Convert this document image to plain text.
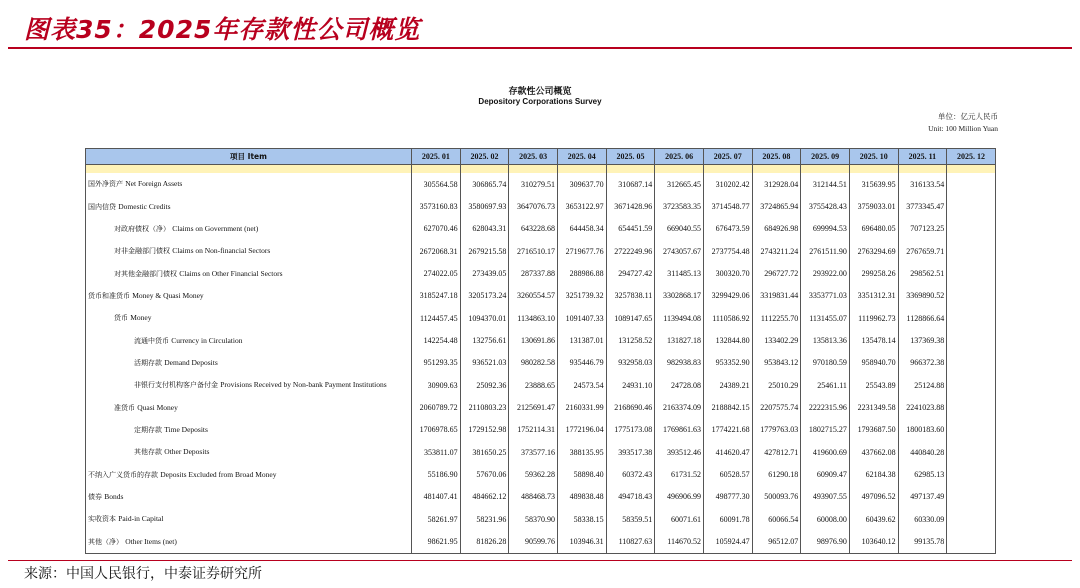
图表35：2025年存款性公司概览
存款性公司概览
Depository Corporations Survey
单位：亿元人民币
Unit: 100 Million Yuan
项目 Item	2025. 01	2025. 02	2025. 03	2025. 04	2025. 05	2025. 06	2025. 07	2025. 08	2025. 09	2025. 10	2025. 11	2025. 12

国外净资产 Net Foreign Assets	305564.58	306865.74	310279.51	309637.70	310687.14	312665.45	310202.42	312928.04	312144.51	315639.95	316133.54	
国内信贷 Domestic Credits	3573160.83	3580697.93	3647076.73	3653122.97	3671428.96	3723583.35	3714548.77	3724865.94	3755428.43	3759033.01	3773345.47	
对政府债权（净） Claims on Government (net)	627070.46	628043.31	643228.68	644458.34	654451.59	669040.55	676473.59	684926.98	699994.53	696480.05	707123.25	
对非金融部门债权 Claims on Non-financial Sectors	2672068.31	2679215.58	2716510.17	2719677.76	2722249.96	2743057.67	2737754.48	2743211.24	2761511.90	2763294.69	2767659.71	
对其他金融部门债权 Claims on Other Financial Sectors	274022.05	273439.05	287337.88	288986.88	294727.42	311485.13	300320.70	296727.72	293922.00	299258.26	298562.51	
货币和准货币 Money & Quasi Money	3185247.18	3205173.24	3260554.57	3251739.32	3257838.11	3302868.17	3299429.06	3319831.44	3353771.03	3351312.31	3369890.52	
货币 Money	1124457.45	1094370.01	1134863.10	1091407.33	1089147.65	1139494.08	1110586.92	1112255.70	1131455.07	1119962.73	1128866.64	
流通中货币 Currency in Circulation	142254.48	132756.61	130691.86	131387.01	131258.52	131827.18	132844.80	133402.29	135813.36	135478.14	137369.38	
活期存款 Demand Deposits	951293.35	936521.03	980282.58	935446.79	932958.03	982938.83	953352.90	953843.12	970180.59	958940.70	966372.38	
非银行支付机构客户备付金 Provisions Received by Non-bank Payment Institutions	30909.63	25092.36	23888.65	24573.54	24931.10	24728.08	24389.21	25010.29	25461.11	25543.89	25124.88	
准货币 Quasi Money	2060789.72	2110803.23	2125691.47	2160331.99	2168690.46	2163374.09	2188842.15	2207575.74	2222315.96	2231349.58	2241023.88	
定期存款 Time Deposits	1706978.65	1729152.98	1752114.31	1772196.04	1775173.08	1769861.63	1774221.68	1779763.03	1802715.27	1793687.50	1800183.60	
其他存款 Other Deposits	353811.07	381650.25	373577.16	388135.95	393517.38	393512.46	414620.47	427812.71	419600.69	437662.08	440840.28	
不纳入广义货币的存款 Deposits Excluded from Broad Money	55186.90	57670.06	59362.28	58898.40	60372.43	61731.52	60528.57	61290.18	60909.47	62184.38	62985.13	
债券 Bonds	481407.41	484662.12	488468.73	489838.48	494718.43	496906.99	498777.30	500093.76	493907.55	497096.52	497137.49	
实收资本 Paid-in Capital	58261.97	58231.96	58370.90	58338.15	58359.51	60071.61	60091.78	60066.54	60008.00	60439.62	60330.09	
其他（净） Other Items (net)	98621.95	81826.28	90599.76	103946.31	110827.63	114670.52	105924.47	96512.07	98976.90	103640.12	99135.78	
来源：中国人民银行，中泰证券研究所
